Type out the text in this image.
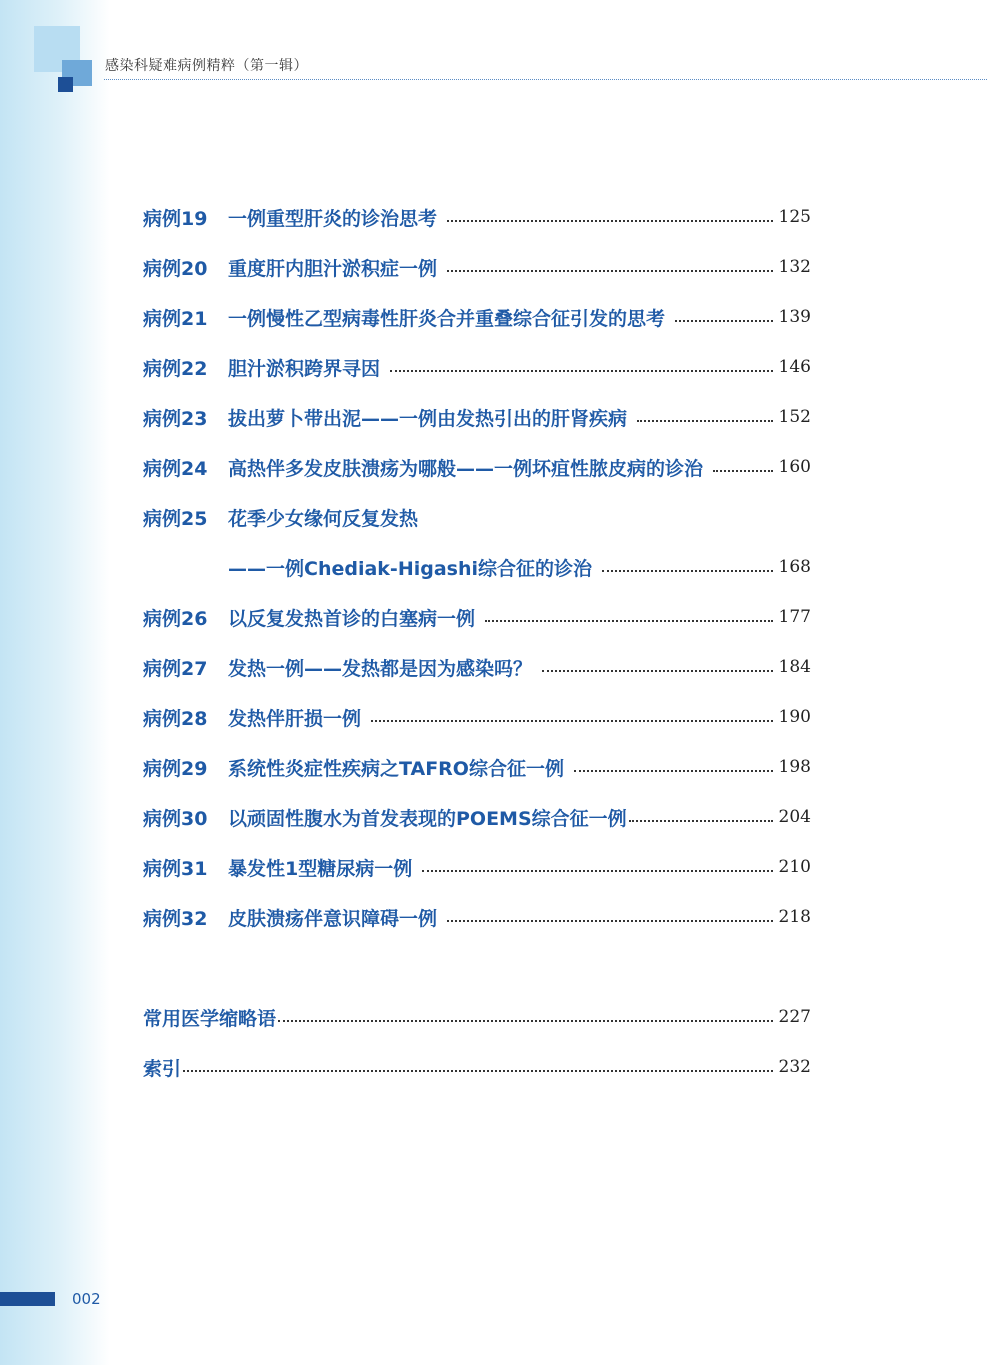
感染科疑难病例精粹（第一辑）
病例19	一例重型肝炎的诊治思考	125
病例20	重度肝内胆汁淤积症一例	132
病例21	一例慢性乙型病毒性肝炎合并重叠综合征引发的思考	139
病例22	胆汁淤积跨界寻因	146
病例23	拔出萝卜带出泥——一例由发热引出的肝肾疾病	152
病例24	高热伴多发皮肤溃疡为哪般——一例坏疽性脓皮病的诊治	160
病例25	花季少女缘何反复发热
——一例Chediak-Higashi综合征的诊治	168
病例26	以反复发热首诊的白塞病一例	177
病例27	发热一例——发热都是因为感染吗？	184
病例28	发热伴肝损一例	190
病例29	系统性炎症性疾病之TAFRO综合征一例	198
病例30	以顽固性腹水为首发表现的POEMS综合征一例	204
病例31	暴发性1型糖尿病一例	210
病例32	皮肤溃疡伴意识障碍一例	218
常用医学缩略语	227
索引	232
002
